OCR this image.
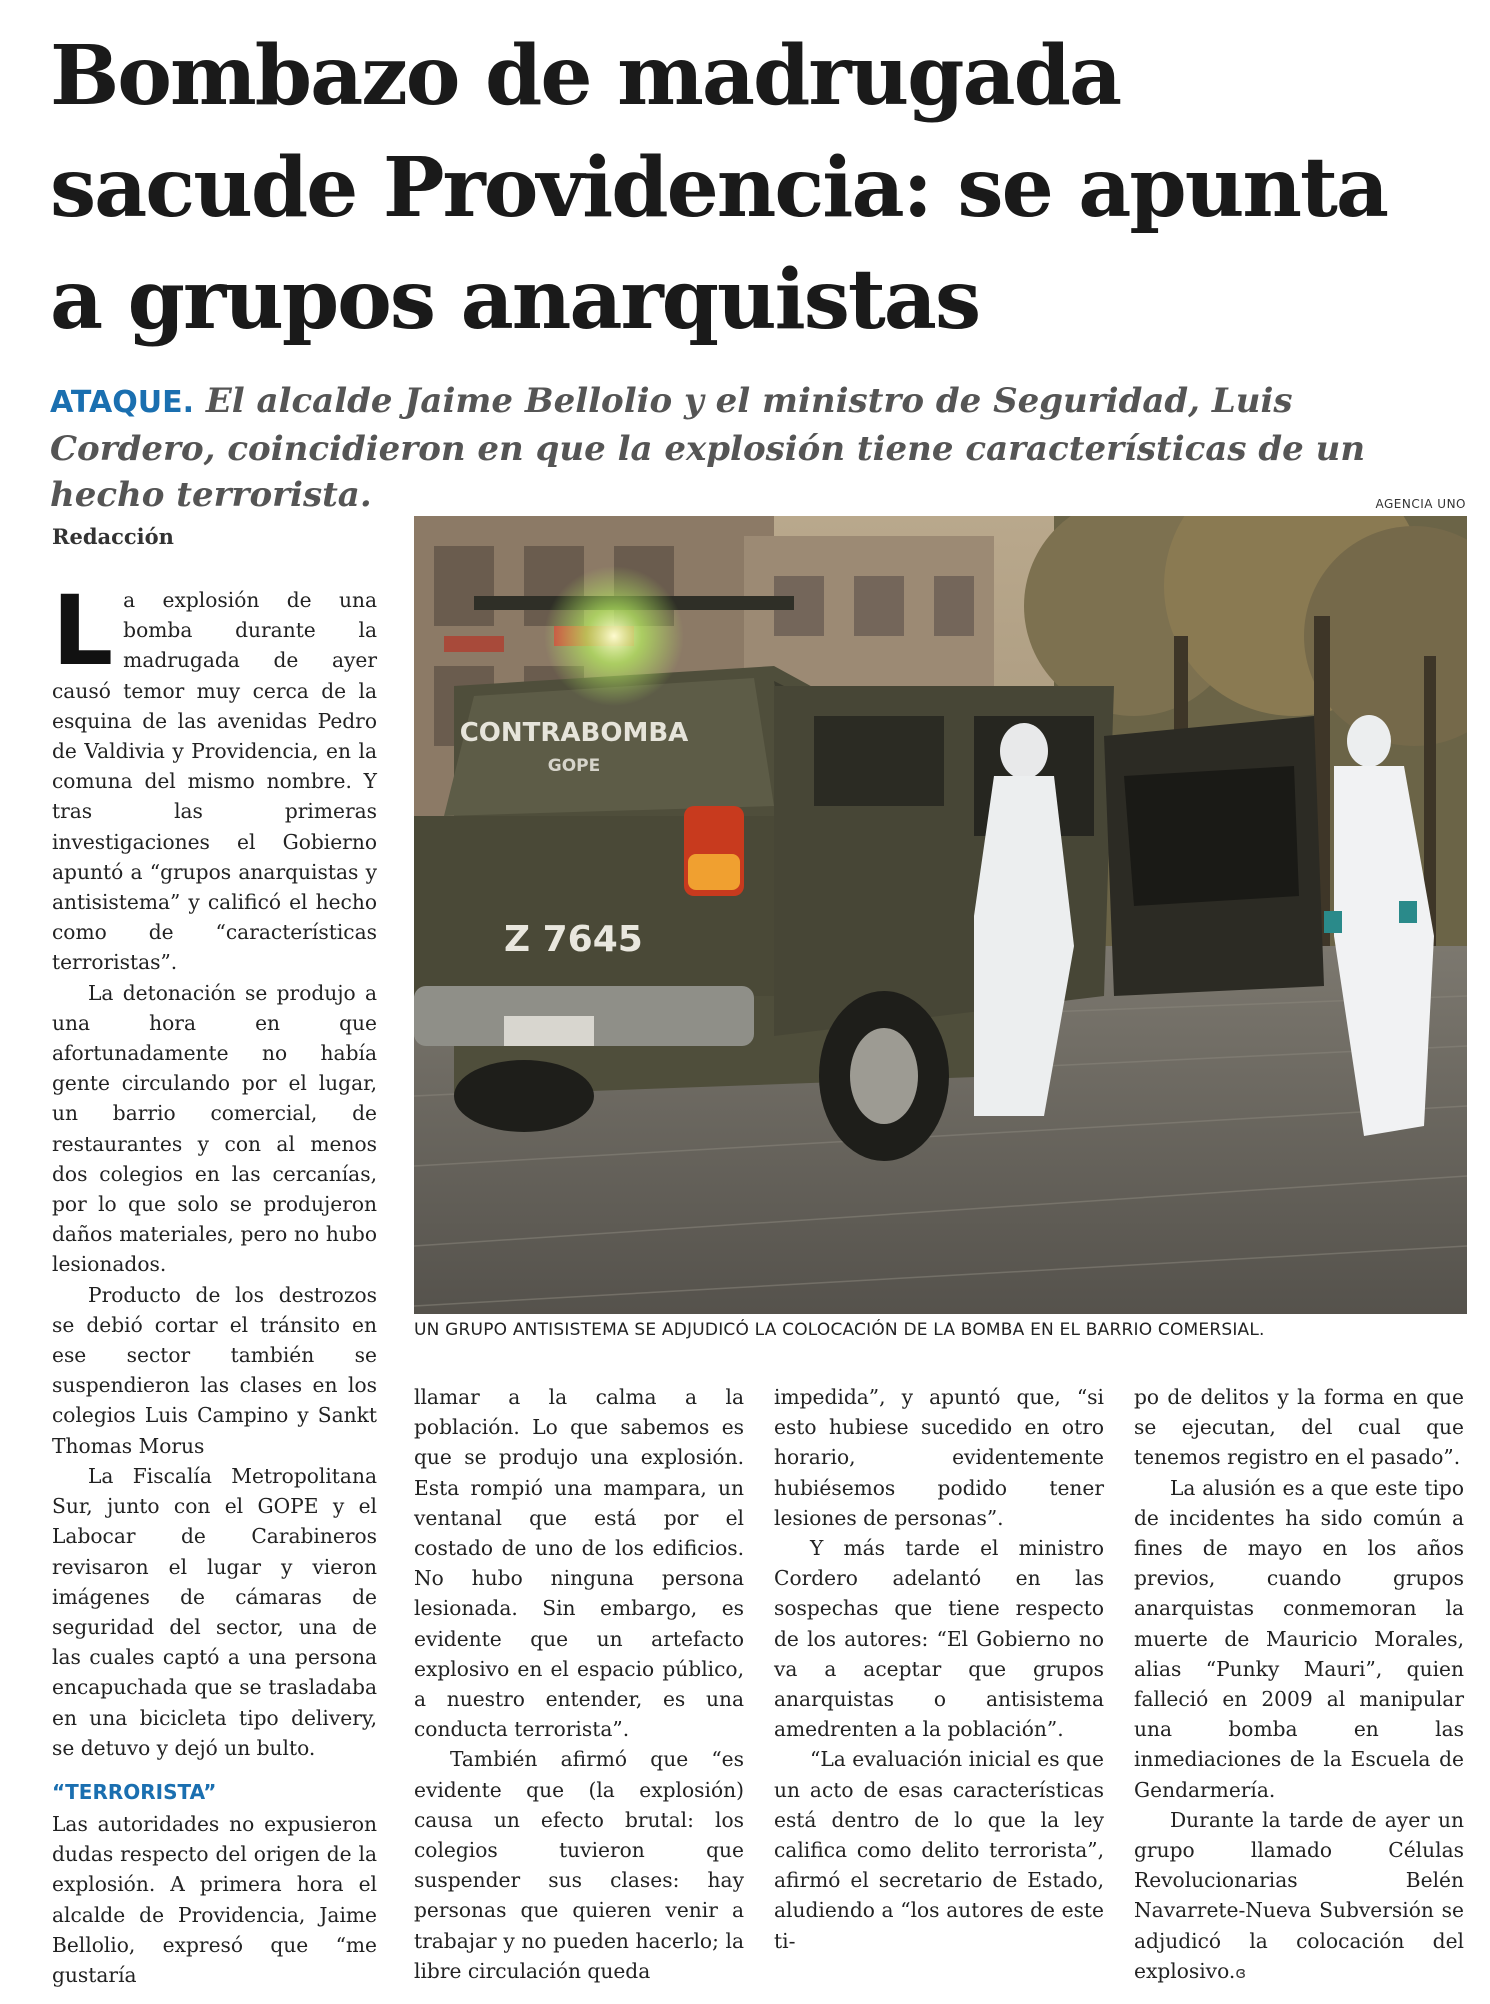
Bombazo de madrugada sacude Providencia: se apunta a grupos anarquistas

ATAQUE. El alcalde Jaime Bellolio y el ministro de Seguridad, Luis Cordero, coincidieron en que la explosión tiene características de un hecho terrorista.

Redacción
AGENCIA UNO
CONTRABOMBA
GOPE
Z 7645
UN GRUPO ANTISISTEMA SE ADJUDICÓ LA COLOCACIÓN DE LA BOMBA EN EL BARRIO COMERSIAL.

La explosión de una bomba durante la madrugada de ayer causó temor muy cerca de la esquina de las avenidas Pedro de Valdivia y Providencia, en la comuna del mismo nombre. Y tras las primeras investigaciones el Gobierno apuntó a “grupos anarquistas y antisistema” y calificó el hecho como de “características terroristas”.

La detonación se produjo a una hora en que afortunadamente no había gente circulando por el lugar, un barrio comercial, de restaurantes y con al menos dos colegios en las cercanías, por lo que solo se produjeron daños materiales, pero no hubo lesionados.

Producto de los destrozos se debió cortar el tránsito en ese sector también se suspendieron las clases en los colegios Luis Campino y Sankt Thomas Morus

La Fiscalía Metropolitana Sur, junto con el GOPE y el Labocar de Carabineros revisaron el lugar y vieron imágenes de cámaras de seguridad del sector, una de las cuales captó a una persona encapuchada que se trasladaba en una bicicleta tipo delivery, se detuvo y dejó un bulto.

“TERRORISTA”

Las autoridades no expusieron dudas respecto del origen de la explosión. A primera hora el alcalde de Providencia, Jaime Bellolio, expresó que “me gustaría

llamar a la calma a la población. Lo que sabemos es que se produjo una explosión. Esta rompió una mampara, un ventanal que está por el costado de uno de los edificios. No hubo ninguna persona lesionada. Sin embargo, es evidente que un artefacto explosivo en el espacio público, a nuestro entender, es una conducta terrorista”.

También afirmó que “es evidente que (la explosión) causa un efecto brutal: los colegios tuvieron que suspender sus clases: hay personas que quieren venir a trabajar y no pueden hacerlo; la libre circulación queda

impedida”, y apuntó que, “si esto hubiese sucedido en otro horario, evidentemente hubiésemos podido tener lesiones de personas”.

Y más tarde el ministro Cordero adelantó en las sospechas que tiene respecto de los autores: “El Gobierno no va a aceptar que grupos anarquistas o antisistema amedrenten a la población”.

“La evaluación inicial es que un acto de esas características está dentro de lo que la ley califica como delito terrorista”, afirmó el secretario de Estado, aludiendo a “los autores de este ti-

po de delitos y la forma en que se ejecutan, del cual que tenemos registro en el pasado”.

La alusión es a que este tipo de incidentes ha sido común a fines de mayo en los años previos, cuando grupos anarquistas conmemoran la muerte de Mauricio Morales, alias “Punky Mauri”, quien falleció en 2009 al manipular una bomba en las inmediaciones de la Escuela de Gendarmería.

Durante la tarde de ayer un grupo llamado Células Revolucionarias Belén Navarrete-Nueva Subversión se adjudicó la colocación del explosivo.ɞ
